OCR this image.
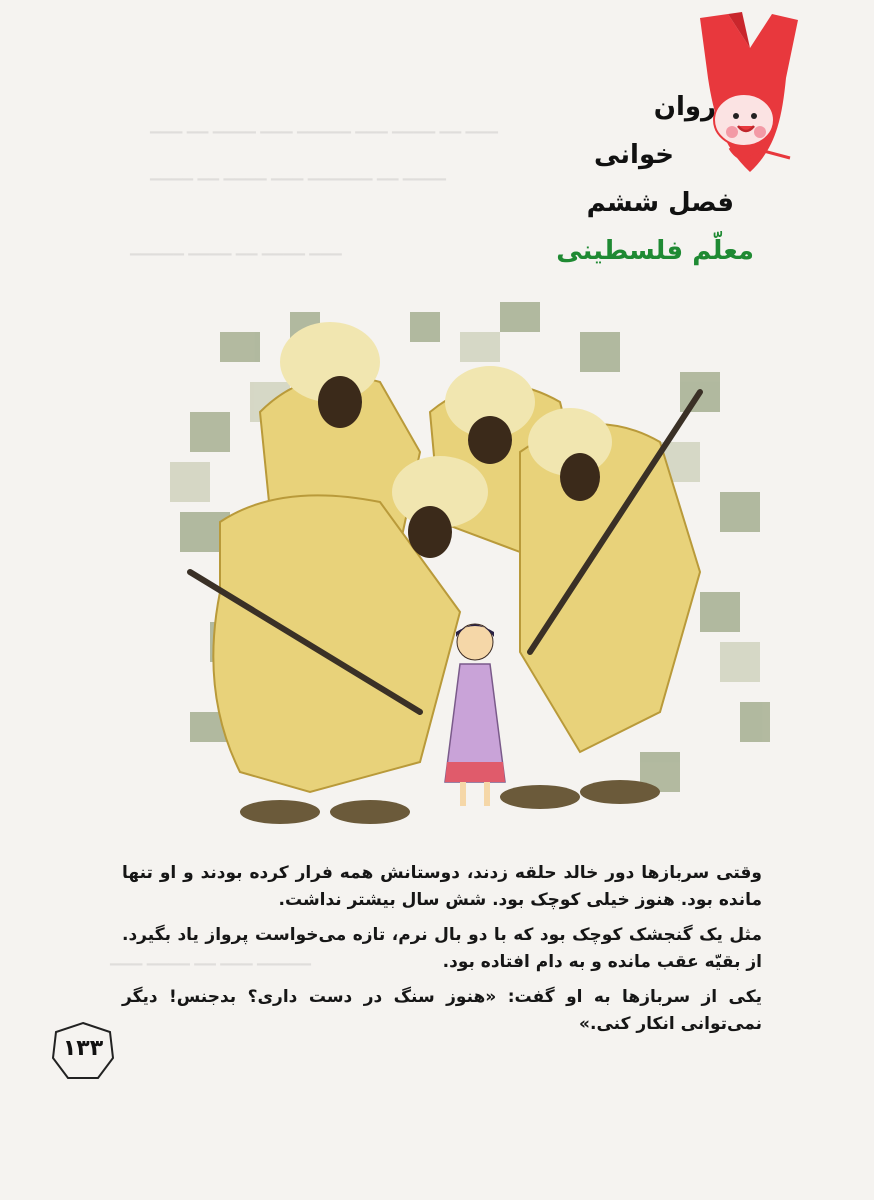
▁▁▁ ▁▁ ▁▁▁▁ ▁▁▁ ▁▁▁▁▁ ▁▁▁ ▁▁▁▁ ▁▁ ▁▁▁
▁▁▁▁ ▁▁ ▁▁▁▁▁▁ ▁▁▁ ▁▁▁▁ ▁▁ ▁▁▁▁
▁▁▁ ▁▁▁▁ ▁▁ ▁▁▁▁ ▁▁▁▁▁
▁▁▁▁▁ ▁▁▁ ▁▁ ▁▁▁▁ ▁▁▁
روان
خوانی
فصل ششم
معلّم فلسطینی

وقتی سربازها دور خالد حلقه زدند، دوستانش همه فرار کرده بودند و او تنها مانده بود. هنوز خیلی کوچک بود. شش سال بیشتر نداشت.

مثل یک گنجشک کوچک بود که با دو بال نرم، تازه می‌خواست پرواز یاد بگیرد. از بقیّه عقب مانده و به دام افتاده بود.

یکی از سربازها به او گفت: «هنوز سنگ در دست داری؟ بدجنس! دیگر نمی‌توانی انکار کنی.»

۱۳۳
